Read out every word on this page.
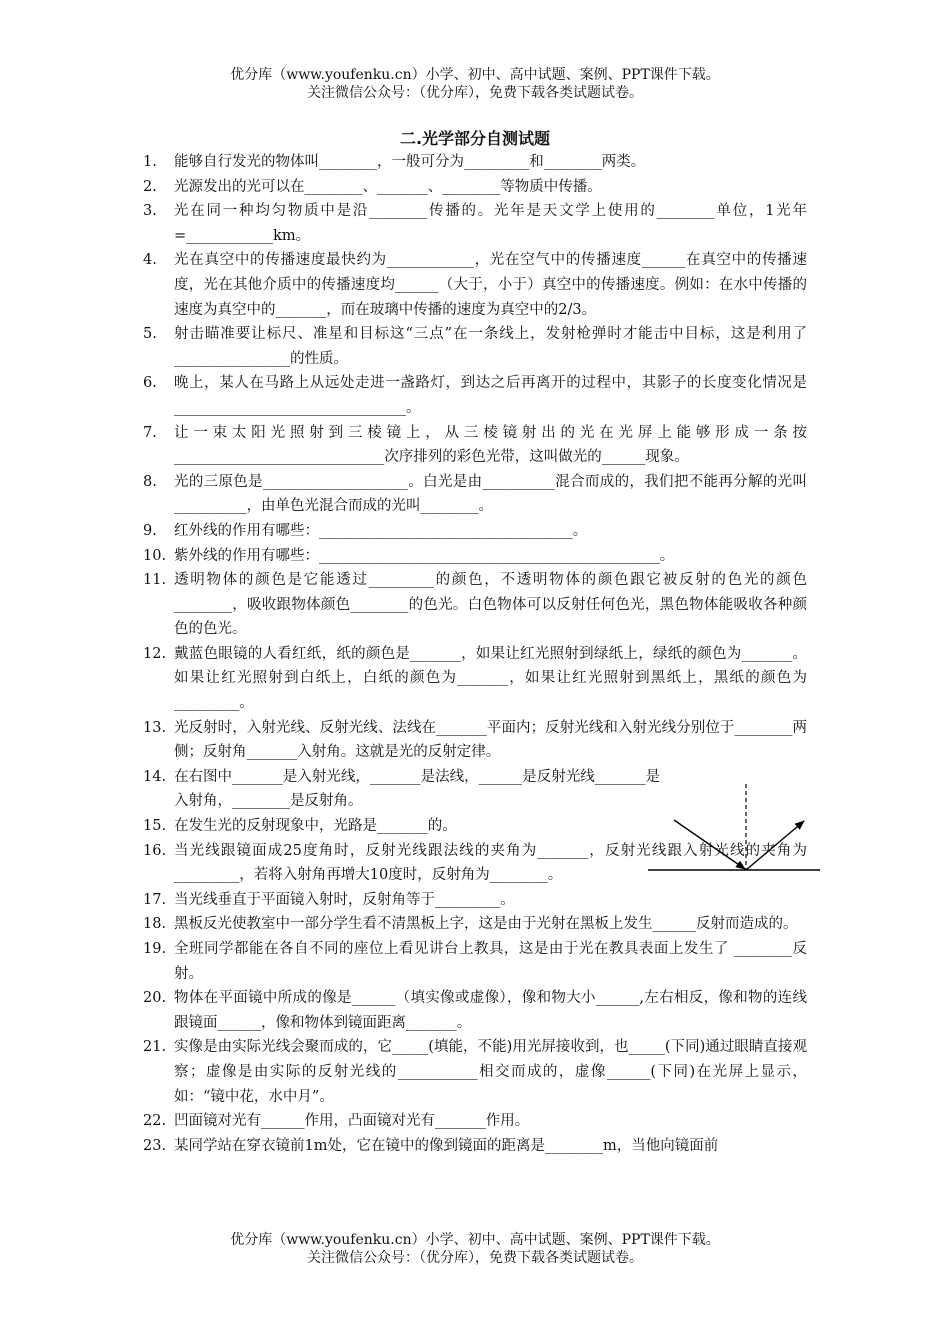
优分库（www.youfenku.cn）小学、初中、高中试题、案例、PPT课件下载。
关注微信公众号：（优分库），免费下载各类试题试卷。
二.光学部分自测试题
1. 能够自行发光的物体叫________，一般可分为_________和________两类。
2. 光源发出的光可以在________、_______、________等物质中传播。
3. 光在同一种均匀物质中是沿________传播的。光年是天文学上使用的________单位，1光年=____________km。
4. 光在真空中的传播速度最快约为____________，光在空气中的传播速度______在真空中的传播速度，光在其他介质中的传播速度均______（大于，小于）真空中的传播速度。例如：在水中传播的速度为真空中的_______，而在玻璃中传播的速度为真空中的2/3。
5. 射击瞄准要让标尺、准星和目标这“三点”在一条线上，发射枪弹时才能击中目标，这是利用了________________的性质。
6. 晚上，某人在马路上从远处走进一盏路灯，到达之后再离开的过程中，其影子的长度变化情况是________________________________。
7. 让一束太阳光照射到三棱镜上，从三棱镜射出的光在光屏上能够形成一条按_____________________________次序排列的彩色光带，这叫做光的______现象。
8. 光的三原色是____________________。白光是由__________混合而成的，我们把不能再分解的光叫__________，由单色光混合而成的光叫________。
9. 红外线的作用有哪些：___________________________________。
10. 紫外线的作用有哪些：_______________________________________________。
11. 透明物体的颜色是它能透过_________的颜色，不透明物体的颜色跟它被反射的色光的颜色________，吸收跟物体颜色________的色光。白色物体可以反射任何色光，黑色物体能吸收各种颜色的色光。
12. 戴蓝色眼镜的人看红纸，纸的颜色是_______，如果让红光照射到绿纸上，绿纸的颜色为_______。如果让红光照射到白纸上，白纸的颜色为_______，如果让红光照射到黑纸上，黑纸的颜色为_________。
13. 光反射时，入射光线、反射光线、法线在_______平面内；反射光线和入射光线分别位于________两侧；反射角_______入射角。这就是光的反射定律。
14. 在右图中_______是入射光线，_______是法线，______是反射光线_______是入射角，________是反射角。
15. 在发生光的反射现象中，光路是_______的。
16. 当光线跟镜面成25度角时，反射光线跟法线的夹角为_______，反射光线跟入射光线的夹角为_________，若将入射角再增大10度时，反射角为________。
17. 当光线垂直于平面镜入射时，反射角等于_________。
18. 黑板反光使教室中一部分学生看不清黑板上字，这是由于光射在黑板上发生______反射而造成的。
19. 全班同学都能在各自不同的座位上看见讲台上教具，这是由于光在教具表面上发生了 ________反射。
20. 物体在平面镜中所成的像是______（填实像或虚像），像和物大小______,左右相反，像和物的连线跟镜面______，像和物体到镜面距离_______。
21. 实像是由实际光线会聚而成的，它_____(填能，不能)用光屏接收到，也_____(下同)通过眼睛直接观察；虚像是由实际的反射光线的___________相交而成的，虚像______(下同)在光屏上显示，如：“镜中花，水中月”。
22. 凹面镜对光有______作用，凸面镜对光有_______作用。
23. 某同学站在穿衣镜前1m处，它在镜中的像到镜面的距离是________m，当他向镜面前
优分库（www.youfenku.cn）小学、初中、高中试题、案例、PPT课件下载。
关注微信公众号：（优分库），免费下载各类试题试卷。
